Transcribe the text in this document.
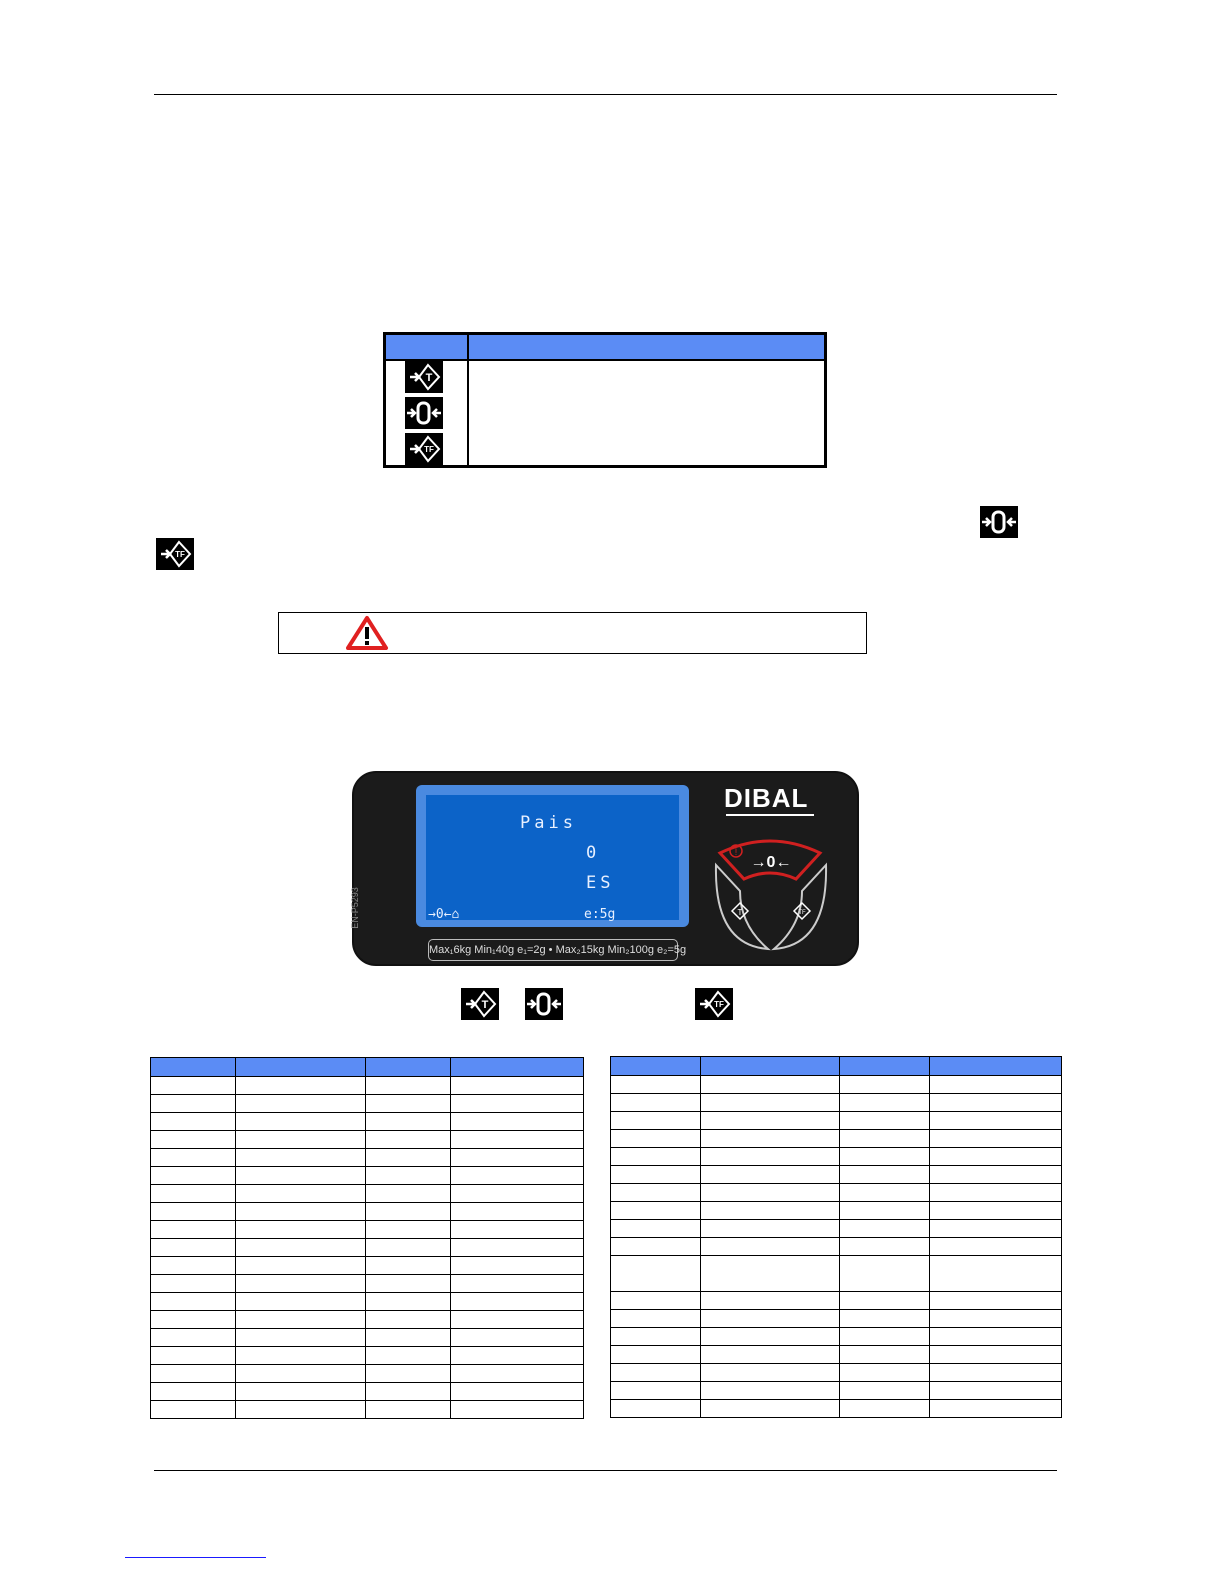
T
TF
TF
Pais
0
ES
→0←⌂	e:5g
EN-P5293
Max₁6kg Min₁40g e₁=2g • Max₂15kg Min₂100g e₂=5g
DIBAL
!
→0←
T	TF
T	TF
